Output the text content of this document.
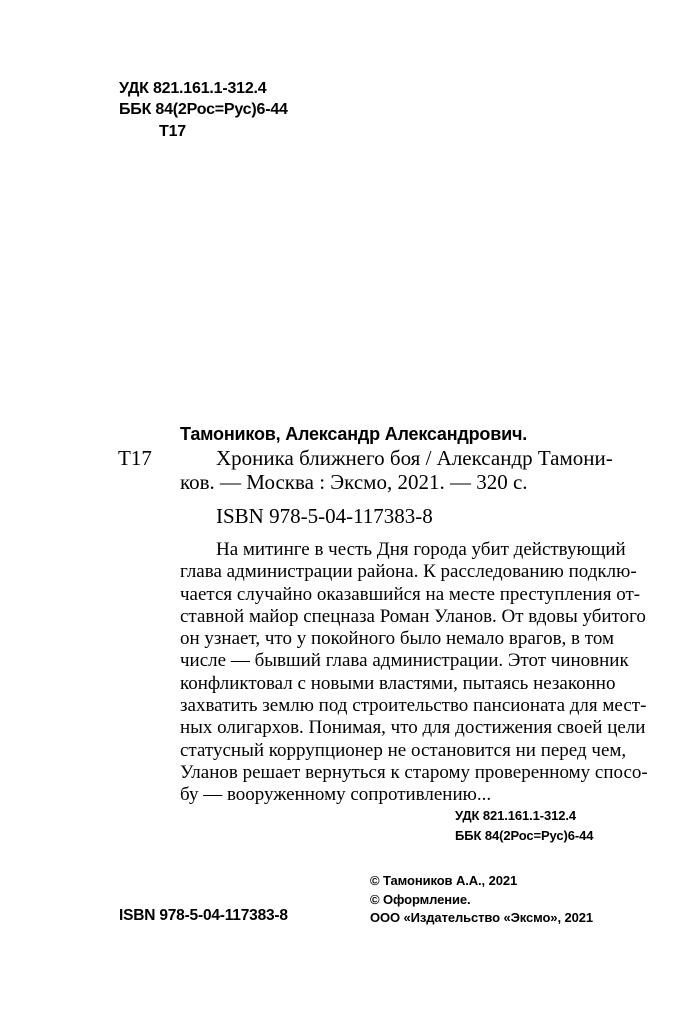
УДК 821.161.1-312.4
ББК 84(2Рос=Рус)6-44
Т17
Тамоников, Александр Александрович.
Т17	Хроника ближнего боя / Александр Тамони-
ков. — Москва : Эксмо, 2021. — 320 с.
ISBN 978-5-04-117383-8
На митинге в честь Дня города убит действующий
глава администрации района. К расследованию подклю-
чается случайно оказавшийся на месте преступления от-
ставной майор спецназа Роман Уланов. От вдовы убитого
он узнает, что у покойного было немало врагов, в том
числе — бывший глава администрации. Этот чиновник
конфликтовал с новыми властями, пытаясь незаконно
захватить землю под строительство пансионата для мест-
ных олигархов. Понимая, что для достижения своей цели
статусный коррупционер не остановится ни перед чем,
Уланов решает вернуться к старому проверенному спосо-
бу — вооруженному сопротивлению...
УДК 821.161.1-312.4
ББК 84(2Рос=Рус)6-44
© Тамоников А.А., 2021
© Оформление.
ООО «Издательство «Эксмо», 2021
ISBN 978-5-04-117383-8
